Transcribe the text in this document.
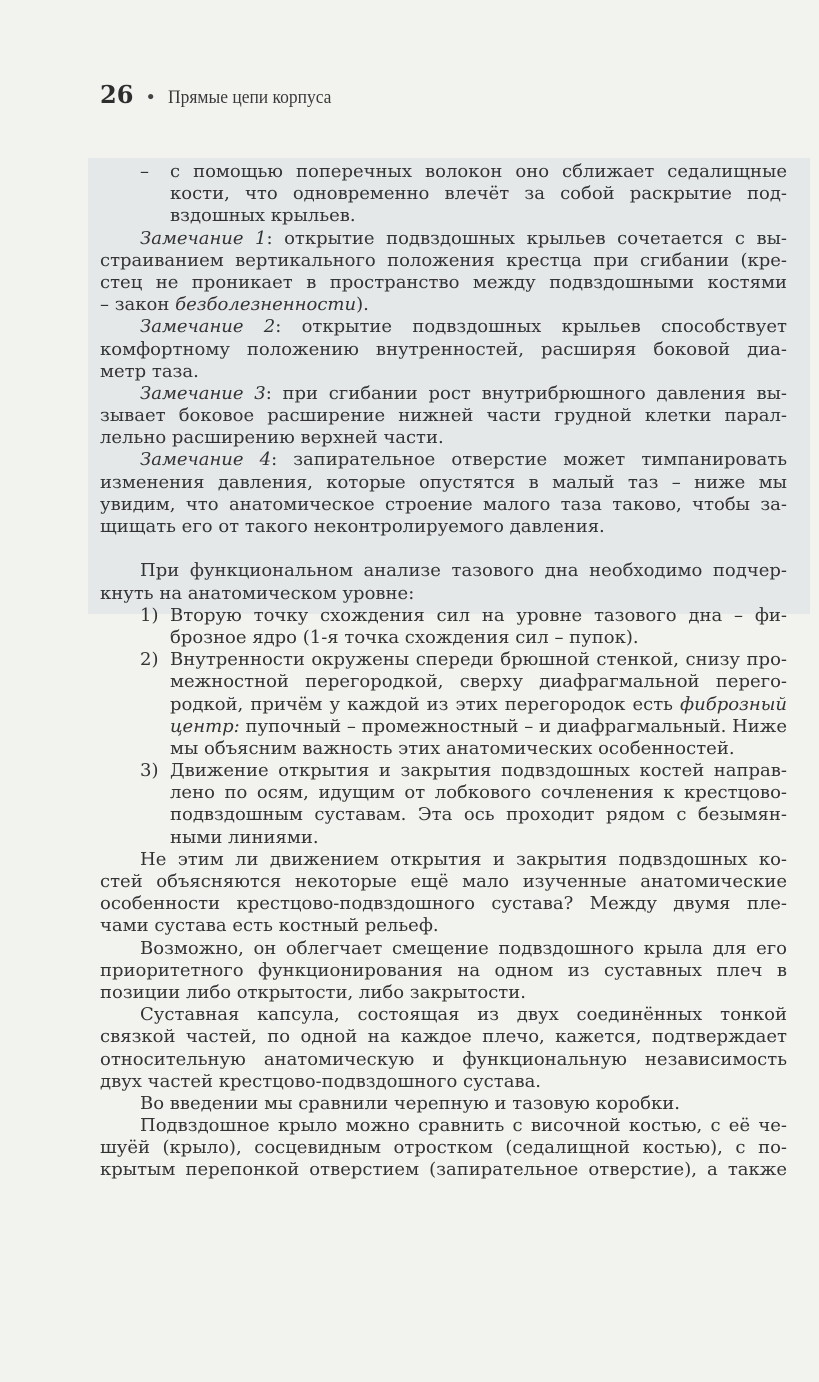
26 • Прямые цепи корпуса
– с помощью поперечных волокон оно сближает седалищные
кости, что одновременно влечёт за собой раскрытие под-
вздошных крыльев.
Замечание 1: открытие подвздошных крыльев сочетается с вы-
страиванием вертикального положения крестца при сгибании (кре-
стец не проникает в пространство между подвздошными костями
– закон безболезненности).
Замечание 2: открытие подвздошных крыльев способствует
комфортному положению внутренностей, расширяя боковой диа-
метр таза.
Замечание 3: при сгибании рост внутрибрюшного давления вы-
зывает боковое расширение нижней части грудной клетки парал-
лельно расширению верхней части.
Замечание 4: запирательное отверстие может тимпанировать
изменения давления, которые опустятся в малый таз – ниже мы
увидим, что анатомическое строение малого таза таково, чтобы за-
щищать его от такого неконтролируемого давления.
При функциональном анализе тазового дна необходимо подчер-
кнуть на анатомическом уровне:
1) Вторую точку схождения сил на уровне тазового дна – фи-
брозное ядро (1-я точка схождения сил – пупок).
2) Внутренности окружены спереди брюшной стенкой, снизу про-
межностной перегородкой, сверху диафрагмальной перего-
родкой, причём у каждой из этих перегородок есть фиброзный
центр: пупочный – промежностный – и диафрагмальный. Ниже
мы объясним важность этих анатомических особенностей.
3) Движение открытия и закрытия подвздошных костей направ-
лено по осям, идущим от лобкового сочленения к крестцово-
подвздошным суставам. Эта ось проходит рядом с безымян-
ными линиями.
Не этим ли движением открытия и закрытия подвздошных ко-
стей объясняются некоторые ещё мало изученные анатомические
особенности крестцово-подвздошного сустава? Между двумя пле-
чами сустава есть костный рельеф.
Возможно, он облегчает смещение подвздошного крыла для его
приоритетного функционирования на одном из суставных плеч в
позиции либо открытости, либо закрытости.
Суставная капсула, состоящая из двух соединённых тонкой
связкой частей, по одной на каждое плечо, кажется, подтверждает
относительную анатомическую и функциональную независимость
двух частей крестцово-подвздошного сустава.
Во введении мы сравнили черепную и тазовую коробки.
Подвздошное крыло можно сравнить с височной костью, с её че-
шуёй (крыло), сосцевидным отростком (седалищной костью), с по-
крытым перепонкой отверстием (запирательное отверстие), а также
